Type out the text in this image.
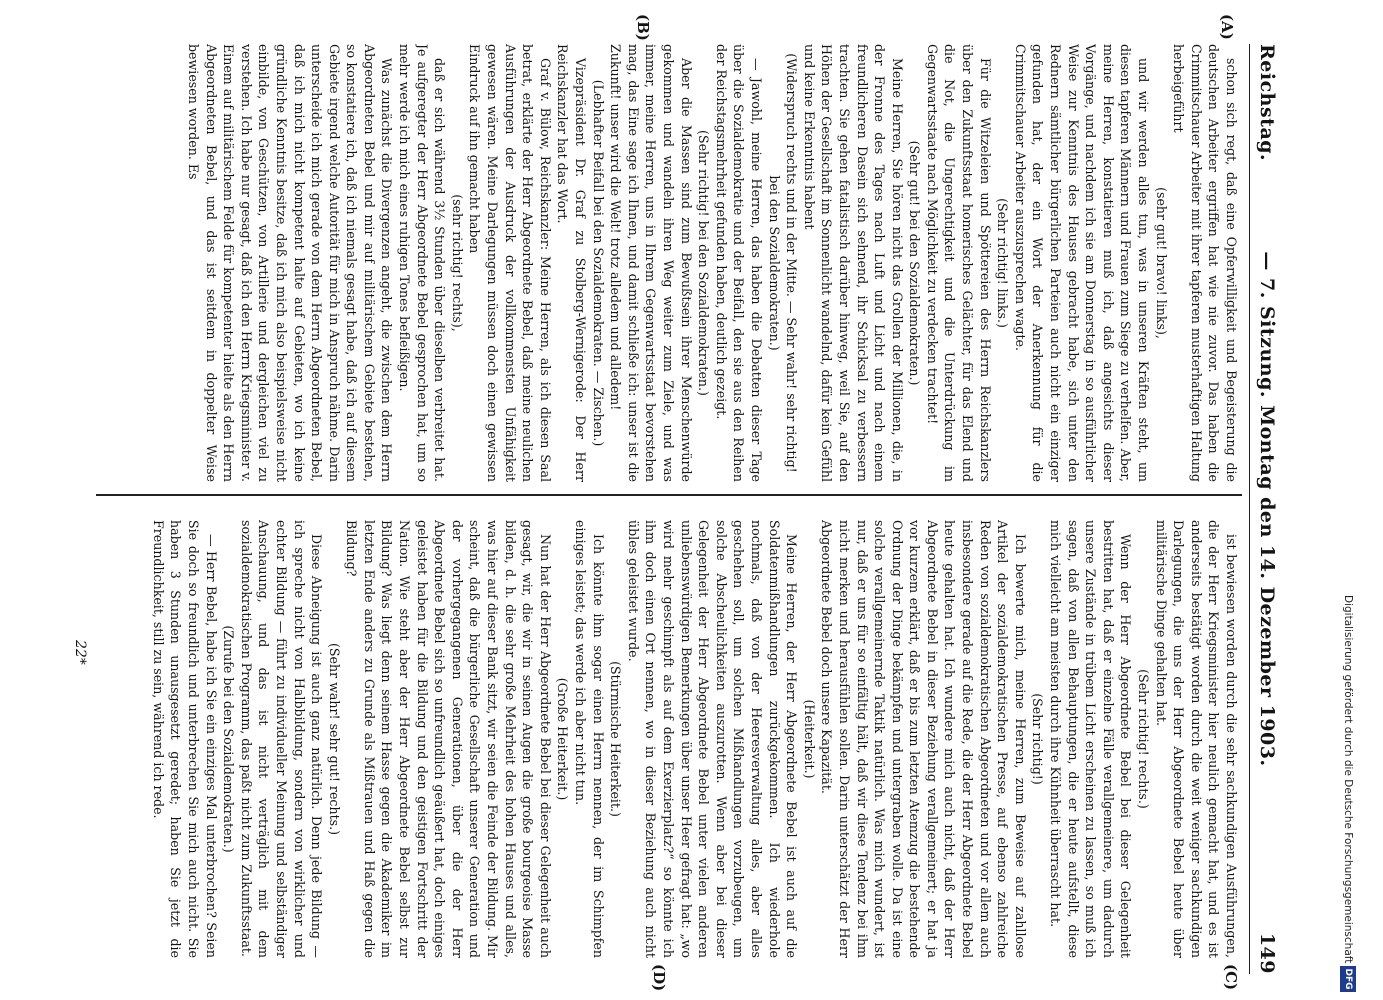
Reichstag.
— 7. Sitzung. Montag den 14. Dezember 1903.
149
(A)
(B)
(C)
(D)

schon sich regt, daß eine Opferwilligkeit und Begeisterung die deutschen Arbeiter ergriffen hat wie nie zuvor. Das haben die Crimmitschauer Arbeiter mit ihrer tapferen musterhaftigen Haltung herbeigeführt

(sehr gut! bravo! links),

und wir werden alles tun, was in unseren Kräften steht, um diesen tapferen Männern und Frauen zum Siege zu verhelfen. Aber, meine Herren, konstatieren muß ich, daß angesichts dieser Vorgänge, und nachdem ich sie am Donnerstag in so ausführlicher Weise zur Kenntnis des Hauses gebracht habe, sich unter den Rednern sämtlicher bürgerlichen Parteien auch nicht ein einziger gefunden hat, der ein Wort der Anerkennung für die Crimmitschauer Arbeiter auszusprechen wagte.

(Sehr richtig! links.)

Für die Witzeleien und Spöttereien des Herrn Reichskanzlers über den Zukunftsstaat homerisches Gelächter, für das Elend und die Not, die Ungerechtigkeit und die Unterdrückung im Gegenwartsstaate nach Möglichkeit zu verdecken trachtet!

(Sehr gut! bei den Sozialdemokraten.)

Meine Herren, Sie hören nicht das Grollen der Millionen, die, in der Fronne des Tages nach Luft und Licht und nach einem freundlicheren Dasein sich sehnend, ihr Schicksal zu verbessern trachten. Sie gehen fatalistisch darüber hinweg, weil Sie, auf den Höhen der Gesellschaft im Sonnenlicht wandelnd, dafür kein Gefühl und keine Erkenntnis habent

(Widerspruch rechts und in der Mitte. — Sehr wahr! sehr richtig! bei den Sozialdemokraten.)

— Jawohl, meine Herren, das haben die Debatten dieser Tage über die Sozialdemokratie und der Beifall, den sie aus den Reihen der Reichstagsmehrheit gefunden haben, deutlich gezeigt.

(Sehr richtig! bei den Sozialdemokraten.)

Aber die Massen sind zum Bewußtsein ihrer Menschenwürde gekommen und wandeln ihren Weg weiter zum Ziele, und was immer, meine Herren, uns in Ihrem Gegenwartsstaat bevorstehen mag, das Eine sage ich Ihnen, und damit schließe ich: unser ist die Zukunft! unser wird die Welt! trotz alledem und alledem!

(Lebhafter Beifall bei den Sozialdemokraten. — Zischen.)

Vizepräsident Dr. Graf zu Stolberg-Wernigerode: Der Herr Reichskanzler hat das Wort.

Graf v. Bülow, Reichskanzler: Meine Herren, als ich diesen Saal betrat, erklärte der Herr Abgeordnete Bebel, daß meine neulichen Ausführungen der Ausdruck der vollkommensten Unfähigkeit gewesen wären. Meine Darlegungen müssen doch einen gewissen Eindruck auf ihn gemacht haben

(sehr richtig! rechts),

daß er sich während 3½ Stunden über dieselben verbreitet hat. Je aufgeregter der Herr Abgeordnete Bebel gesprochen hat, um so mehr werde ich mich eines ruhigen Tones befleißigen.

Was zunächst die Divergenzen angeht, die zwischen dem Herrn Abgeordneten Bebel und mir auf militärischem Gebiete bestehen, so konstatiere ich, daß ich niemals gesagt habe, daß ich auf diesem Gebiete irgend welche Autorität für mich in Anspruch nähme. Darin unterscheide ich mich gerade von dem Herrn Abgeordneten Bebel, daß ich mich nicht kompetent halte auf Gebieten, wo ich keine gründliche Kenntnis besitze, daß ich mich also beispielsweise nicht einbilde, von Geschützen, von Artillerie und dergleichen viel zu verstehen. Ich habe nur gesagt, daß ich den Herrn Kriegsminister v. Einem auf militärischem Felde für kompetenter hielte als den Herrn Abgeordneten Bebel, und das ist seitdem in doppelter Weise bewiesen worden. Es

ist bewiesen worden durch die sehr sachkundigen Ausführungen, die der Herr Kriegsminister hier neulich gemacht hat, und es ist anderseits bestätigt worden durch die weit weniger sachkundigen Darlegungen, die uns der Herr Abgeordnete Bebel heute über militärische Dinge gehalten hat.

(Sehr richtig! rechts.)

Wenn der Herr Abgeordnete Bebel bei dieser Gelegenheit bestritten hat, daß er einzelne Fälle verallgemeinere, um dadurch unsere Zustände in trübem Licht erscheinen zu lassen, so muß ich sagen, daß von allen Behauptungen, die er heute aufstellt, diese mich vielleicht am meisten durch ihre Kühnheit überrascht hat.

(Sehr richtig!)

Ich bewerte mich, meine Herren, zum Beweise auf zahllose Artikel der sozialdemokratischen Presse, auf ebenso zahlreiche Reden von sozialdemokratischen Abgeordneten und vor allem auch insbesondere gerade auf die Rede, die der Herr Abgeordnete Bebel heute gehalten hat. Ich wundere mich auch nicht, daß der Herr Abgeordnete Bebel in dieser Beziehung verallgemeinert; er hat ja vor kurzem erklärt, daß er bis zum letzten Atemzug die bestehende Ordnung der Dinge bekämpfen und untergraben wolle. Da ist eine solche verallgemeinernde Taktik natürlich. Was mich wundert, ist nur, daß er uns für so einfältig hält, daß wir diese Tendenz bei ihm nicht merken und herausfühlen sollen. Darin unterschätzt der Herr Abgeordnete Bebel doch unsere Kapazität.

(Heiterkeit.)

Meine Herren, der Herr Abgeordnete Bebel ist auch auf die Soldatenmißhandlungen zurückgekommen. Ich wiederhole nochmals, daß von der Heeresverwaltung alles, aber alles geschehen soll, um solchen Mißhandlungen vorzubeugen, um solche Abscheulichkeiten auszurotten. Wenn aber bei dieser Gelegenheit der Herr Abgeordnete Bebel unter vielen anderen unliebenswürdigen Bemerkungen über unser Heer gefragt hat: „wo wird mehr geschimpft als auf dem Exerzierplatz?“ so könnte ich ihm doch einen Ort nennen, wo in dieser Beziehung auch nicht übles geleistet wurde.

(Stürmische Heiterkeit.)

Ich könnte ihm sogar einen Herrn nennen, der im Schimpfen einiges leistet; das werde ich aber nicht tun.

(Große Heiterkeit.)

Nun hat der Herr Abgeordnete Bebel bei dieser Gelegenheit auch gesagt, wir, die wir in seinen Augen die große bourgeoise Masse bilden, d. h. die sehr große Mehrheit des hohen Hauses und alles, was hier auf dieser Bank sitzt, wir seien die Feinde der Bildung. Mir scheint, daß die bürgerliche Gesellschaft unserer Generation und der vorhergegangenen Generationen, über die der Herr Abgeordnete Bebel sich so unfreundlich geäußert hat, doch einiges geleistet haben für die Bildung und den geistigen Fortschritt der Nation. Wie steht aber der Herr Abgeordnete Bebel selbst zur Bildung? Was liegt denn seinem Hasse gegen die Akademiker im letzten Ende anders zu Grunde als Mißtrauen und Haß gegen die Bildung?

(Sehr wahr! sehr gut! rechts.)

Diese Abneigung ist auch ganz natürlich. Denn jede Bildung — ich spreche nicht von Halbbildung, sondern von wirklicher und echter Bildung — führt zu individueller Meinung und selbständiger Anschauung, und das ist nicht verträglich mit dem sozialdemokratischen Programm, das paßt nicht zum Zukunftsstaat.

(Zurufe bei den Sozialdemokraten.)

— Herr Bebel, habe ich Sie ein einziges Mal unterbrochen? Seien Sie doch so freundlich und unterbrechen Sie mich auch nicht. Sie haben 3 Stunden unausgesetzt geredet; haben Sie jetzt die Freundlichkeit, still zu sein, während ich rede.

22*	Digitalisierung gefördert durch die Deutsche Forschungsgemeinschaft
DFG
